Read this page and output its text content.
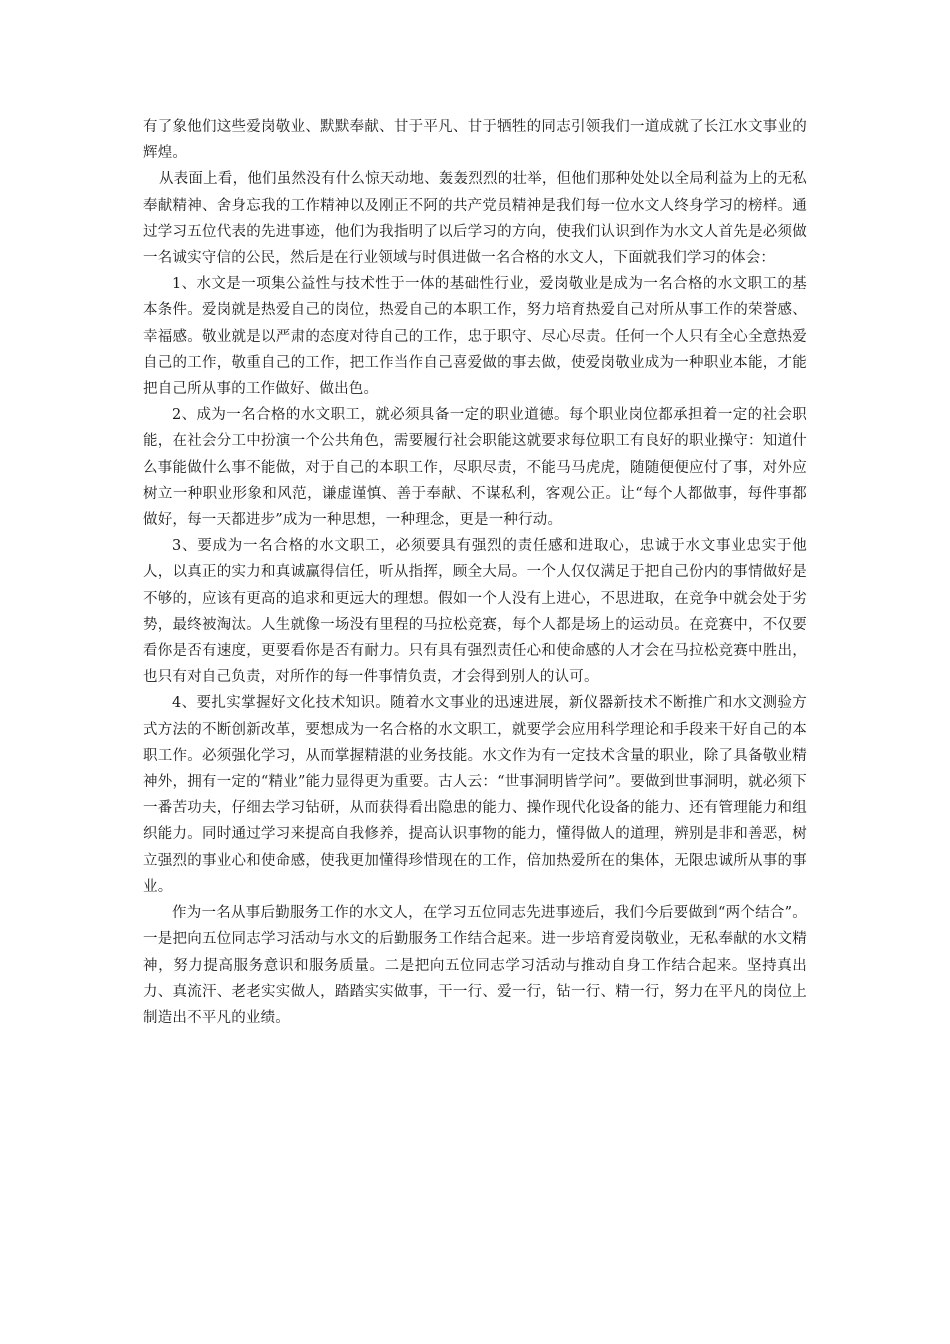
有了象他们这些爱岗敬业、默默奉献、甘于平凡、甘于牺牲的同志引领我们一道成就了长江水文事业的辉煌。

从表面上看，他们虽然没有什么惊天动地、轰轰烈烈的壮举，但他们那种处处以全局利益为上的无私奉献精神、舍身忘我的工作精神以及刚正不阿的共产党员精神是我们每一位水文人终身学习的榜样。通过学习五位代表的先进事迹，他们为我指明了以后学习的方向，使我们认识到作为水文人首先是必须做一名诚实守信的公民，然后是在行业领域与时俱进做一名合格的水文人，下面就我们学习的体会：

1、水文是一项集公益性与技术性于一体的基础性行业，爱岗敬业是成为一名合格的水文职工的基本条件。爱岗就是热爱自己的岗位，热爱自己的本职工作，努力培育热爱自己对所从事工作的荣誉感、幸福感。敬业就是以严肃的态度对待自己的工作，忠于职守、尽心尽责。任何一个人只有全心全意热爱自己的工作，敬重自己的工作，把工作当作自己喜爱做的事去做，使爱岗敬业成为一种职业本能，才能把自己所从事的工作做好、做出色。

2、成为一名合格的水文职工，就必须具备一定的职业道德。每个职业岗位都承担着一定的社会职能，在社会分工中扮演一个公共角色，需要履行社会职能这就要求每位职工有良好的职业操守：知道什么事能做什么事不能做，对于自己的本职工作，尽职尽责，不能马马虎虎，随随便便应付了事，对外应树立一种职业形象和风范，谦虚谨慎、善于奉献、不谋私利，客观公正。让“每个人都做事，每件事都做好，每一天都进步”成为一种思想，一种理念，更是一种行动。

3、要成为一名合格的水文职工，必须要具有强烈的责任感和进取心，忠诚于水文事业忠实于他人，以真正的实力和真诚赢得信任，听从指挥，顾全大局。一个人仅仅满足于把自己份内的事情做好是不够的，应该有更高的追求和更远大的理想。假如一个人没有上进心，不思进取，在竞争中就会处于劣势，最终被淘汰。人生就像一场没有里程的马拉松竞赛，每个人都是场上的运动员。在竞赛中，不仅要看你是否有速度，更要看你是否有耐力。只有具有强烈责任心和使命感的人才会在马拉松竞赛中胜出，也只有对自己负责，对所作的每一件事情负责，才会得到别人的认可。

4、要扎实掌握好文化技术知识。随着水文事业的迅速进展，新仪器新技术不断推广和水文测验方式方法的不断创新改革，要想成为一名合格的水文职工，就要学会应用科学理论和手段来干好自己的本职工作。必须强化学习，从而掌握精湛的业务技能。水文作为有一定技术含量的职业，除了具备敬业精神外，拥有一定的“精业”能力显得更为重要。古人云：“世事洞明皆学问”。要做到世事洞明，就必须下一番苦功夫，仔细去学习钻研，从而获得看出隐患的能力、操作现代化设备的能力、还有管理能力和组织能力。同时通过学习来提高自我修养，提高认识事物的能力，懂得做人的道理，辨别是非和善恶，树立强烈的事业心和使命感，使我更加懂得珍惜现在的工作，倍加热爱所在的集体，无限忠诚所从事的事业。

作为一名从事后勤服务工作的水文人，在学习五位同志先进事迹后，我们今后要做到“两个结合”。一是把向五位同志学习活动与水文的后勤服务工作结合起来。进一步培育爱岗敬业，无私奉献的水文精神，努力提高服务意识和服务质量。二是把向五位同志学习活动与推动自身工作结合起来。坚持真出力、真流汗、老老实实做人，踏踏实实做事，干一行、爱一行，钻一行、精一行，努力在平凡的岗位上制造出不平凡的业绩。
